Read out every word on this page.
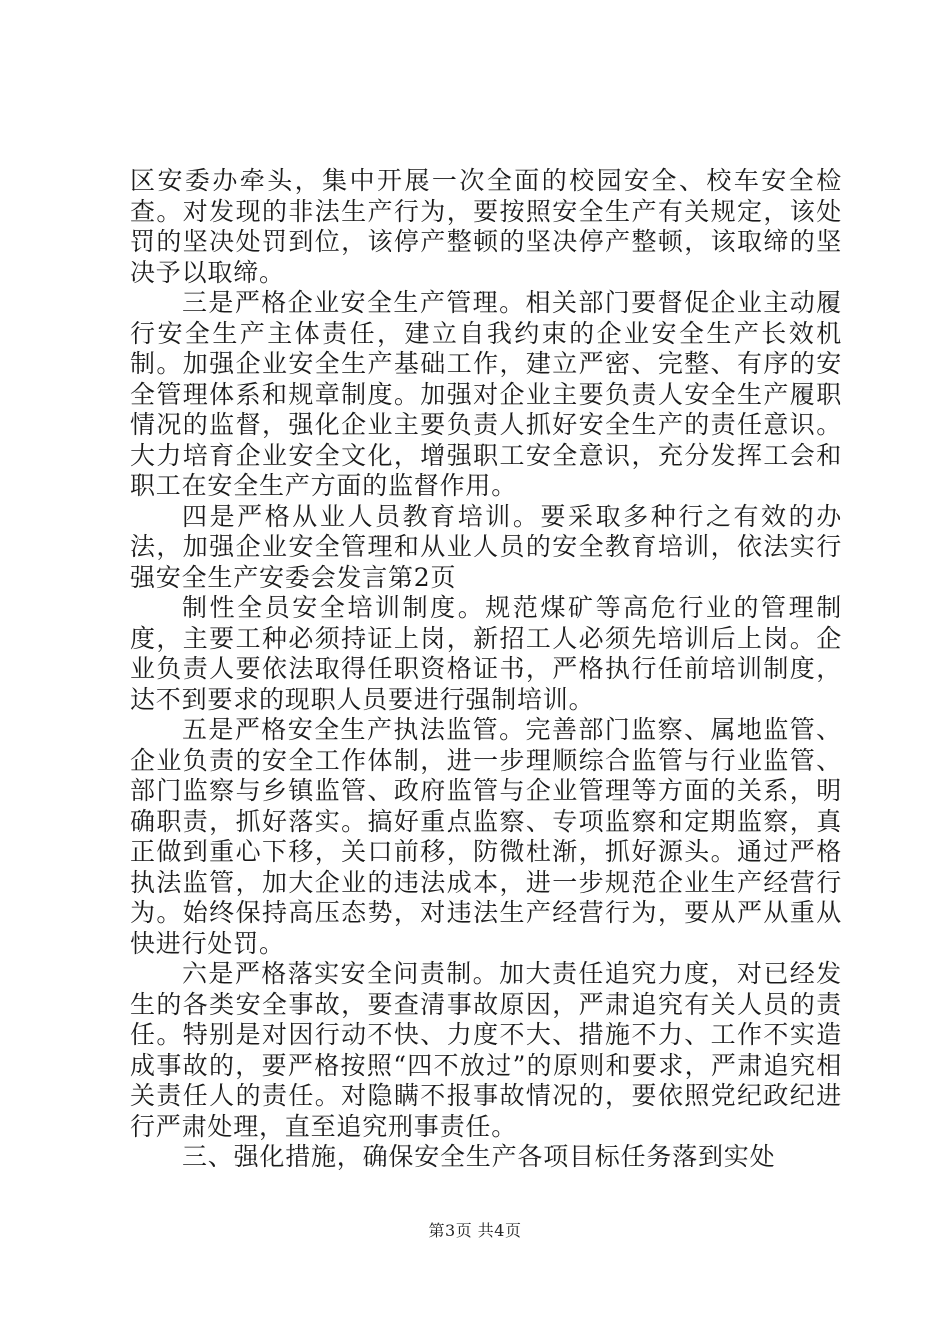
区安委办牵头，集中开展一次全面的校园安全、校车安全检查。对发现的非法生产行为，要按照安全生产有关规定，该处罚的坚决处罚到位，该停产整顿的坚决停产整顿，该取缔的坚决予以取缔。

三是严格企业安全生产管理。相关部门要督促企业主动履行安全生产主体责任，建立自我约束的企业安全生产长效机制。加强企业安全生产基础工作，建立严密、完整、有序的安全管理体系和规章制度。加强对企业主要负责人安全生产履职情况的监督，强化企业主要负责人抓好安全生产的责任意识。大力培育企业安全文化，增强职工安全意识，充分发挥工会和职工在安全生产方面的监督作用。

四是严格从业人员教育培训。要采取多种行之有效的办法，加强企业安全管理和从业人员的安全教育培训，依法实行强安全生产安委会发言第2页

制性全员安全培训制度。规范煤矿等高危行业的管理制度，主要工种必须持证上岗，新招工人必须先培训后上岗。企业负责人要依法取得任职资格证书，严格执行任前培训制度，达不到要求的现职人员要进行强制培训。

五是严格安全生产执法监管。完善部门监察、属地监管、企业负责的安全工作体制，进一步理顺综合监管与行业监管、部门监察与乡镇监管、政府监管与企业管理等方面的关系，明确职责，抓好落实。搞好重点监察、专项监察和定期监察，真正做到重心下移，关口前移，防微杜渐，抓好源头。通过严格执法监管，加大企业的违法成本，进一步规范企业生产经营行为。始终保持高压态势，对违法生产经营行为，要从严从重从快进行处罚。

六是严格落实安全问责制。加大责任追究力度，对已经发生的各类安全事故，要查清事故原因，严肃追究有关人员的责任。特别是对因行动不快、力度不大、措施不力、工作不实造成事故的，要严格按照“四不放过”的原则和要求，严肃追究相关责任人的责任。对隐瞒不报事故情况的，要依照党纪政纪进行严肃处理，直至追究刑事责任。

三、强化措施，确保安全生产各项目标任务落到实处

第3页 共4页
